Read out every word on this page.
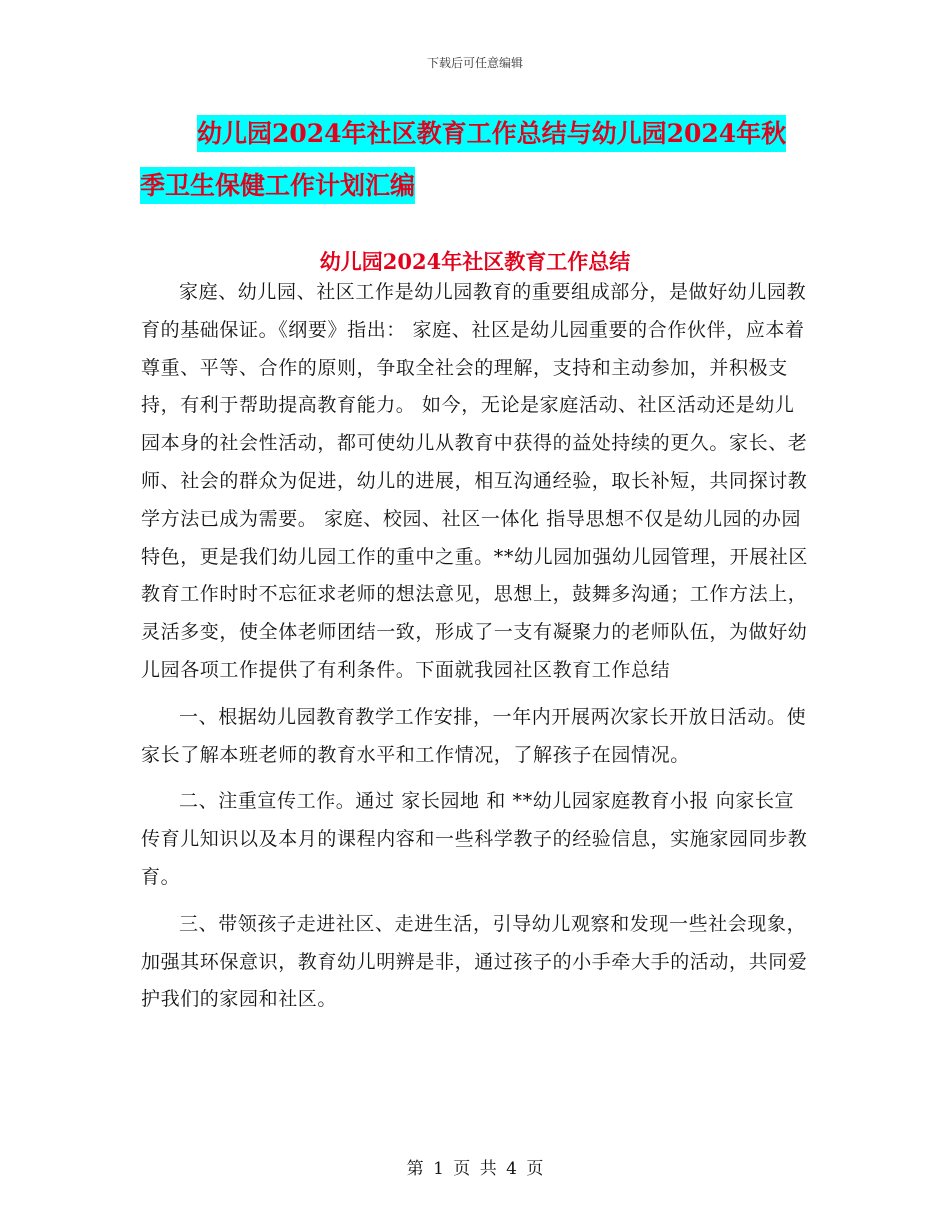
下载后可任意编辑
幼儿园2024年社区教育工作总结与幼儿园2024年秋
季卫生保健工作计划汇编
幼儿园2024年社区教育工作总结

家庭、幼儿园、社区工作是幼儿园教育的重要组成部分，是做好幼儿园教育的基础保证。《纲要》指出： 家庭、社区是幼儿园重要的合作伙伴，应本着尊重、平等、合作的原则，争取全社会的理解，支持和主动参加，并积极支持，有利于帮助提高教育能力。 如今，无论是家庭活动、社区活动还是幼儿园本身的社会性活动，都可使幼儿从教育中获得的益处持续的更久。家长、老师、社会的群众为促进，幼儿的进展，相互沟通经验，取长补短，共同探讨教学方法已成为需要。 家庭、校园、社区一体化 指导思想不仅是幼儿园的办园特色，更是我们幼儿园工作的重中之重。**幼儿园加强幼儿园管理，开展社区教育工作时时不忘征求老师的想法意见，思想上，鼓舞多沟通；工作方法上，灵活多变，使全体老师团结一致，形成了一支有凝聚力的老师队伍，为做好幼儿园各项工作提供了有利条件。下面就我园社区教育工作总结

一、根据幼儿园教育教学工作安排，一年内开展两次家长开放日活动。使家长了解本班老师的教育水平和工作情况，了解孩子在园情况。

二、注重宣传工作。通过 家长园地 和 **幼儿园家庭教育小报 向家长宣传育儿知识以及本月的课程内容和一些科学教子的经验信息，实施家园同步教育。

三、带领孩子走进社区、走进生活，引导幼儿观察和发现一些社会现象，加强其环保意识，教育幼儿明辨是非，通过孩子的小手牵大手的活动，共同爱护我们的家园和社区。

第 1 页 共 4 页
